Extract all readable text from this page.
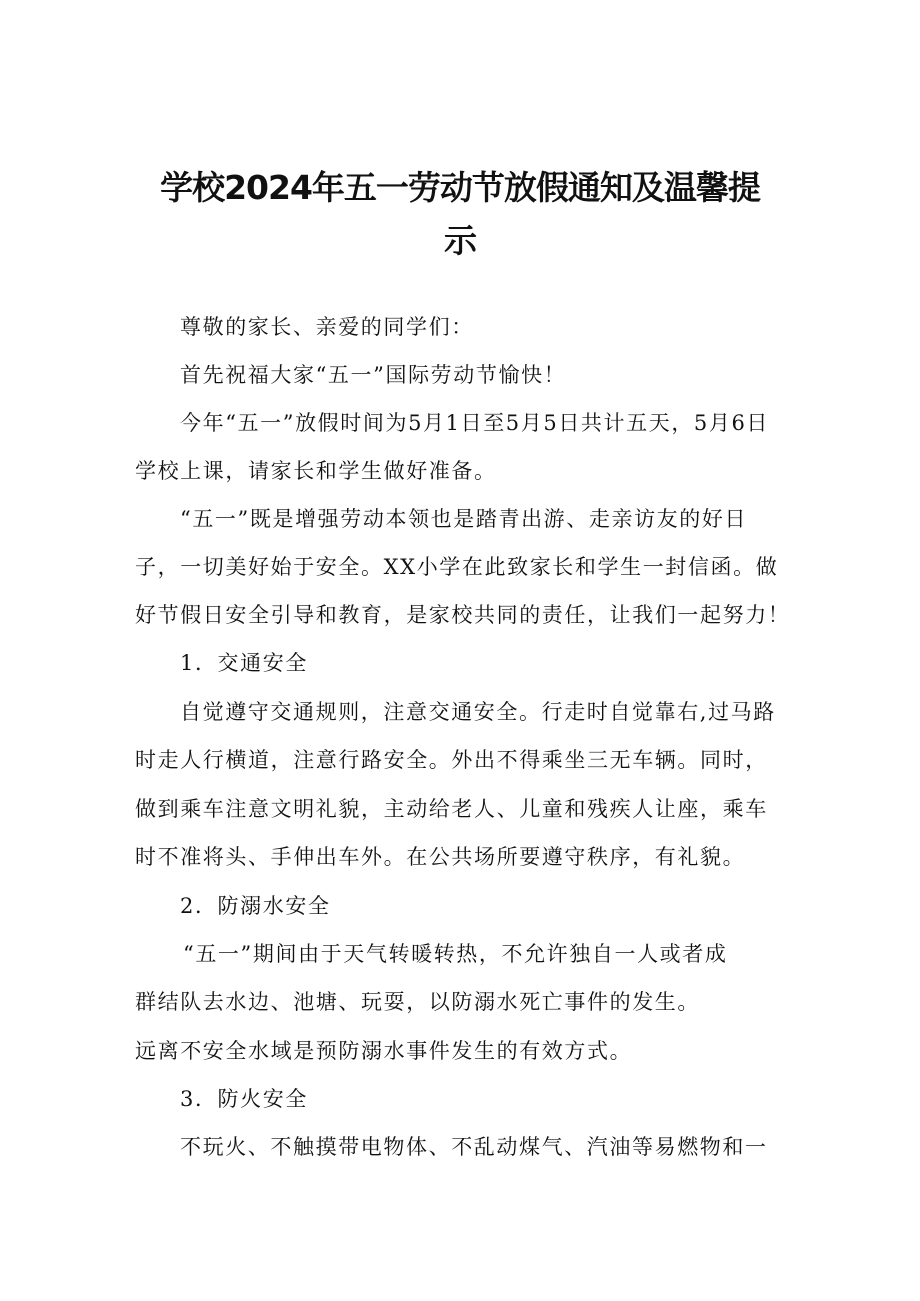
学校2024年五一劳动节放假通知及温馨提
示
尊敬的家长、亲爱的同学们：
首先祝福大家“五一”国际劳动节愉快！
今年“五一”放假时间为5月1日至5月5日共计五天，5月6日
学校上课，请家长和学生做好准备。
“五一”既是增强劳动本领也是踏青出游、走亲访友的好日
子，一切美好始于安全。XX小学在此致家长和学生一封信函。做
好节假日安全引导和教育，是家校共同的责任，让我们一起努力！
1．交通安全
自觉遵守交通规则，注意交通安全。行走时自觉靠右,过马路
时走人行横道，注意行路安全。外出不得乘坐三无车辆。同时，
做到乘车注意文明礼貌，主动给老人、儿童和残疾人让座，乘车
时不准将头、手伸出车外。在公共场所要遵守秩序，有礼貌。
2．防溺水安全
“五一”期间由于天气转暖转热，不允许独自一人或者成
群结队去水边、池塘、玩耍，以防溺水死亡事件的发生。
远离不安全水域是预防溺水事件发生的有效方式。
3．防火安全
不玩火、不触摸带电物体、不乱动煤气、汽油等易燃物和一
